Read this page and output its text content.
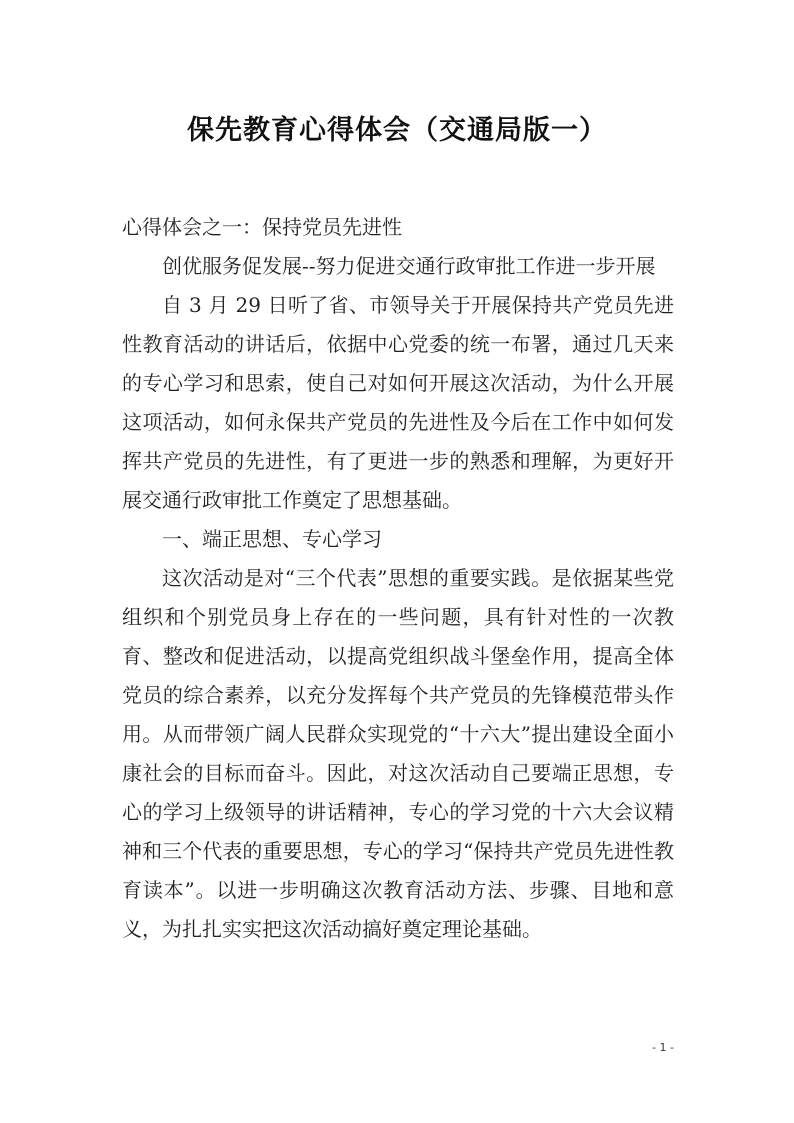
保先教育心得体会（交通局版一）

心得体会之一：保持党员先进性

创优服务促发展--努力促进交通行政审批工作进一步开展

自 3 月 29 日听了省、市领导关于开展保持共产党员先进性教育活动的讲话后，依据中心党委的统一布署，通过几天来的专心学习和思索，使自己对如何开展这次活动，为什么开展这项活动，如何永保共产党员的先进性及今后在工作中如何发挥共产党员的先进性，有了更进一步的熟悉和理解，为更好开展交通行政审批工作奠定了思想基础。

一、端正思想、专心学习

这次活动是对“三个代表”思想的重要实践。是依据某些党组织和个别党员身上存在的一些问题，具有针对性的一次教育、整改和促进活动，以提高党组织战斗堡垒作用，提高全体党员的综合素养，以充分发挥每个共产党员的先锋模范带头作用。从而带领广阔人民群众实现党的“十六大”提出建设全面小康社会的目标而奋斗。因此，对这次活动自己要端正思想，专心的学习上级领导的讲话精神，专心的学习党的十六大会议精神和三个代表的重要思想，专心的学习“保持共产党员先进性教育读本”。以进一步明确这次教育活动方法、步骤、目地和意义，为扎扎实实把这次活动搞好奠定理论基础。

- 1 -
